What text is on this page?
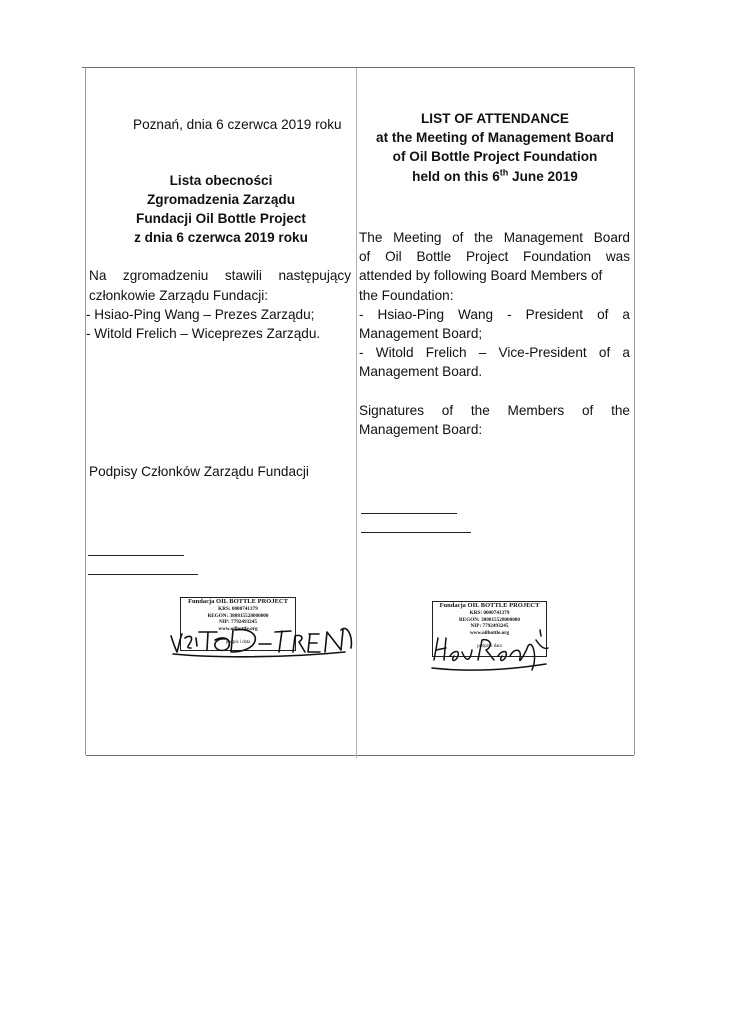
Poznań, dnia 6 czerwca 2019 roku
Lista obecności
Zgromadzenia Zarządu
Fundacji Oil Bottle Project
z dnia 6 czerwca 2019 roku
Na zgromadzeniu stawili następujący
członkowie Zarządu Fundacji:
- Hsiao-Ping Wang – Prezes Zarządu;
- Witold Frelich – Wiceprezes Zarządu.
Podpisy Członków Zarządu Fundacji
LIST OF ATTENDANCE
at the Meeting of Management Board
of Oil Bottle Project Foundation
held on this 6th June 2019
The Meeting of the Management Board
of Oil Bottle Project Foundation was
attended by following Board Members of
the Foundation:
- Hsiao-Ping Wang - President of a
Management Board;
- Witold Frelich – Vice-President of a
Management Board.
Signatures of the Members of the
Management Board:
Fundacja OIL BOTTLE PROJECT
KRS: 0000741379
REGON: 380815528000000
NIP: 7792493245
www.oilbottle.org
podpis i data
Fundacja OIL BOTTLE PROJECT
KRS: 0000741379
REGON: 380815528000000
NIP: 7792493245
www.oilbottle.org
podpis i data
